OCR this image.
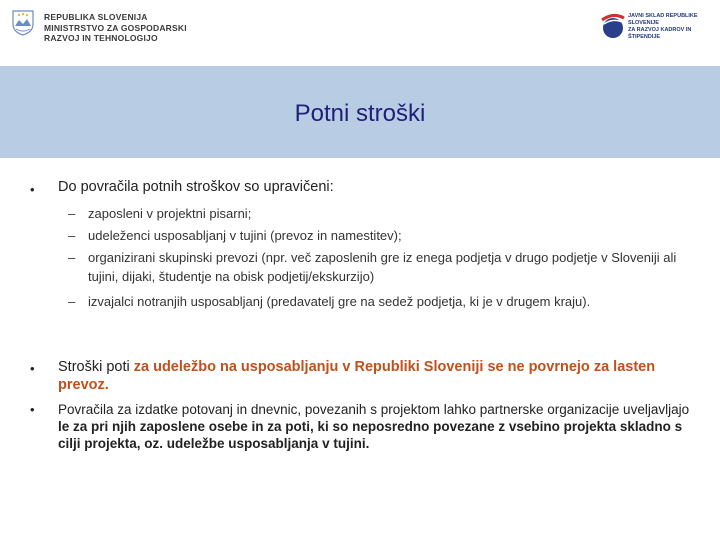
REPUBLIKA SLOVENIJA
MINISTRSTVO ZA GOSPODARSKI
RAZVOJ IN TEHNOLOGIJO
JAVNI SKLAD REPUBLIKE SLOVENIJE
ZA RAZVOJ KADROV IN ŠTIPENDIJE
Potni stroški
• Do povračila potnih stroškov so upravičeni:
– zaposleni v projektni pisarni;
– udeleženci usposabljanj v tujini (prevoz in namestitev);
– organizirani skupinski prevozi (npr. več zaposlenih gre iz enega podjetja v drugo podjetje v Sloveniji ali tujini, dijaki, študentje na obisk podjetij/ekskurzijo)
– izvajalci notranjih usposabljanj (predavatelj gre na sedež podjetja, ki je v drugem kraju).
• Stroški poti za udeležbo na usposabljanju v Republiki Sloveniji se ne povrnejo za lasten prevoz.
• Povračila za izdatke potovanj in dnevnic, povezanih s projektom lahko partnerske organizacije uveljavljajo le za pri njih zaposlene osebe in za poti, ki so neposredno povezane z vsebino projekta skladno s cilji projekta, oz. udeležbe usposabljanja v tujini.
